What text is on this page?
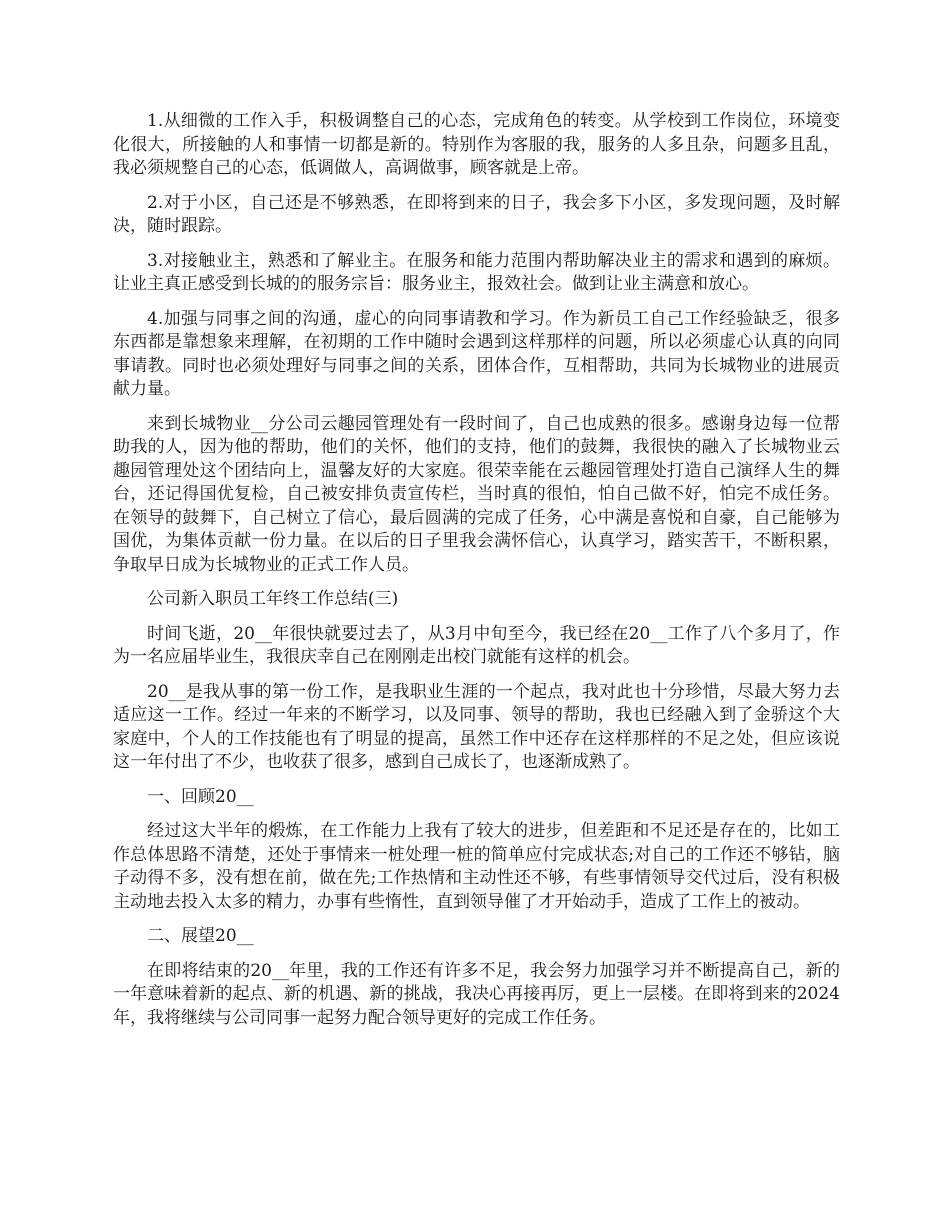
1.从细微的工作入手，积极调整自己的心态，完成角色的转变。从学校到工作岗位，环境变化很大，所接触的人和事情一切都是新的。特别作为客服的我，服务的人多且杂，问题多且乱，我必须规整自己的心态，低调做人，高调做事，顾客就是上帝。

2.对于小区，自己还是不够熟悉，在即将到来的日子，我会多下小区，多发现问题，及时解决，随时跟踪。

3.对接触业主，熟悉和了解业主。在服务和能力范围内帮助解决业主的需求和遇到的麻烦。让业主真正感受到长城的的服务宗旨：服务业主，报效社会。做到让业主满意和放心。

4.加强与同事之间的沟通，虚心的向同事请教和学习。作为新员工自己工作经验缺乏，很多东西都是靠想象来理解，在初期的工作中随时会遇到这样那样的问题，所以必须虚心认真的向同事请教。同时也必须处理好与同事之间的关系，团体合作，互相帮助，共同为长城物业的进展贡献力量。

来到长城物业__分公司云趣园管理处有一段时间了，自己也成熟的很多。感谢身边每一位帮助我的人，因为他的帮助，他们的关怀，他们的支持，他们的鼓舞，我很快的融入了长城物业云趣园管理处这个团结向上，温馨友好的大家庭。很荣幸能在云趣园管理处打造自己演绎人生的舞台，还记得国优复检，自己被安排负责宣传栏，当时真的很怕，怕自己做不好，怕完不成任务。在领导的鼓舞下，自己树立了信心，最后圆满的完成了任务，心中满是喜悦和自豪，自己能够为国优，为集体贡献一份力量。在以后的日子里我会满怀信心，认真学习，踏实苦干，不断积累，争取早日成为长城物业的正式工作人员。

公司新入职员工年终工作总结(三)

时间飞逝，20__年很快就要过去了，从3月中旬至今，我已经在20__工作了八个多月了，作为一名应届毕业生，我很庆幸自己在刚刚走出校门就能有这样的机会。

20__是我从事的第一份工作，是我职业生涯的一个起点，我对此也十分珍惜，尽最大努力去适应这一工作。经过一年来的不断学习，以及同事、领导的帮助，我也已经融入到了金骄这个大家庭中，个人的工作技能也有了明显的提高，虽然工作中还存在这样那样的不足之处，但应该说这一年付出了不少，也收获了很多，感到自己成长了，也逐渐成熟了。

一、回顾20__

经过这大半年的煅炼，在工作能力上我有了较大的进步，但差距和不足还是存在的，比如工作总体思路不清楚，还处于事情来一桩处理一桩的简单应付完成状态;对自己的工作还不够钻，脑子动得不多，没有想在前，做在先;工作热情和主动性还不够，有些事情领导交代过后，没有积极主动地去投入太多的精力，办事有些惰性，直到领导催了才开始动手，造成了工作上的被动。

二、展望20__

在即将结束的20__年里，我的工作还有许多不足，我会努力加强学习并不断提高自己，新的一年意味着新的起点、新的机遇、新的挑战，我决心再接再厉，更上一层楼。在即将到来的2024年，我将继续与公司同事一起努力配合领导更好的完成工作任务。
